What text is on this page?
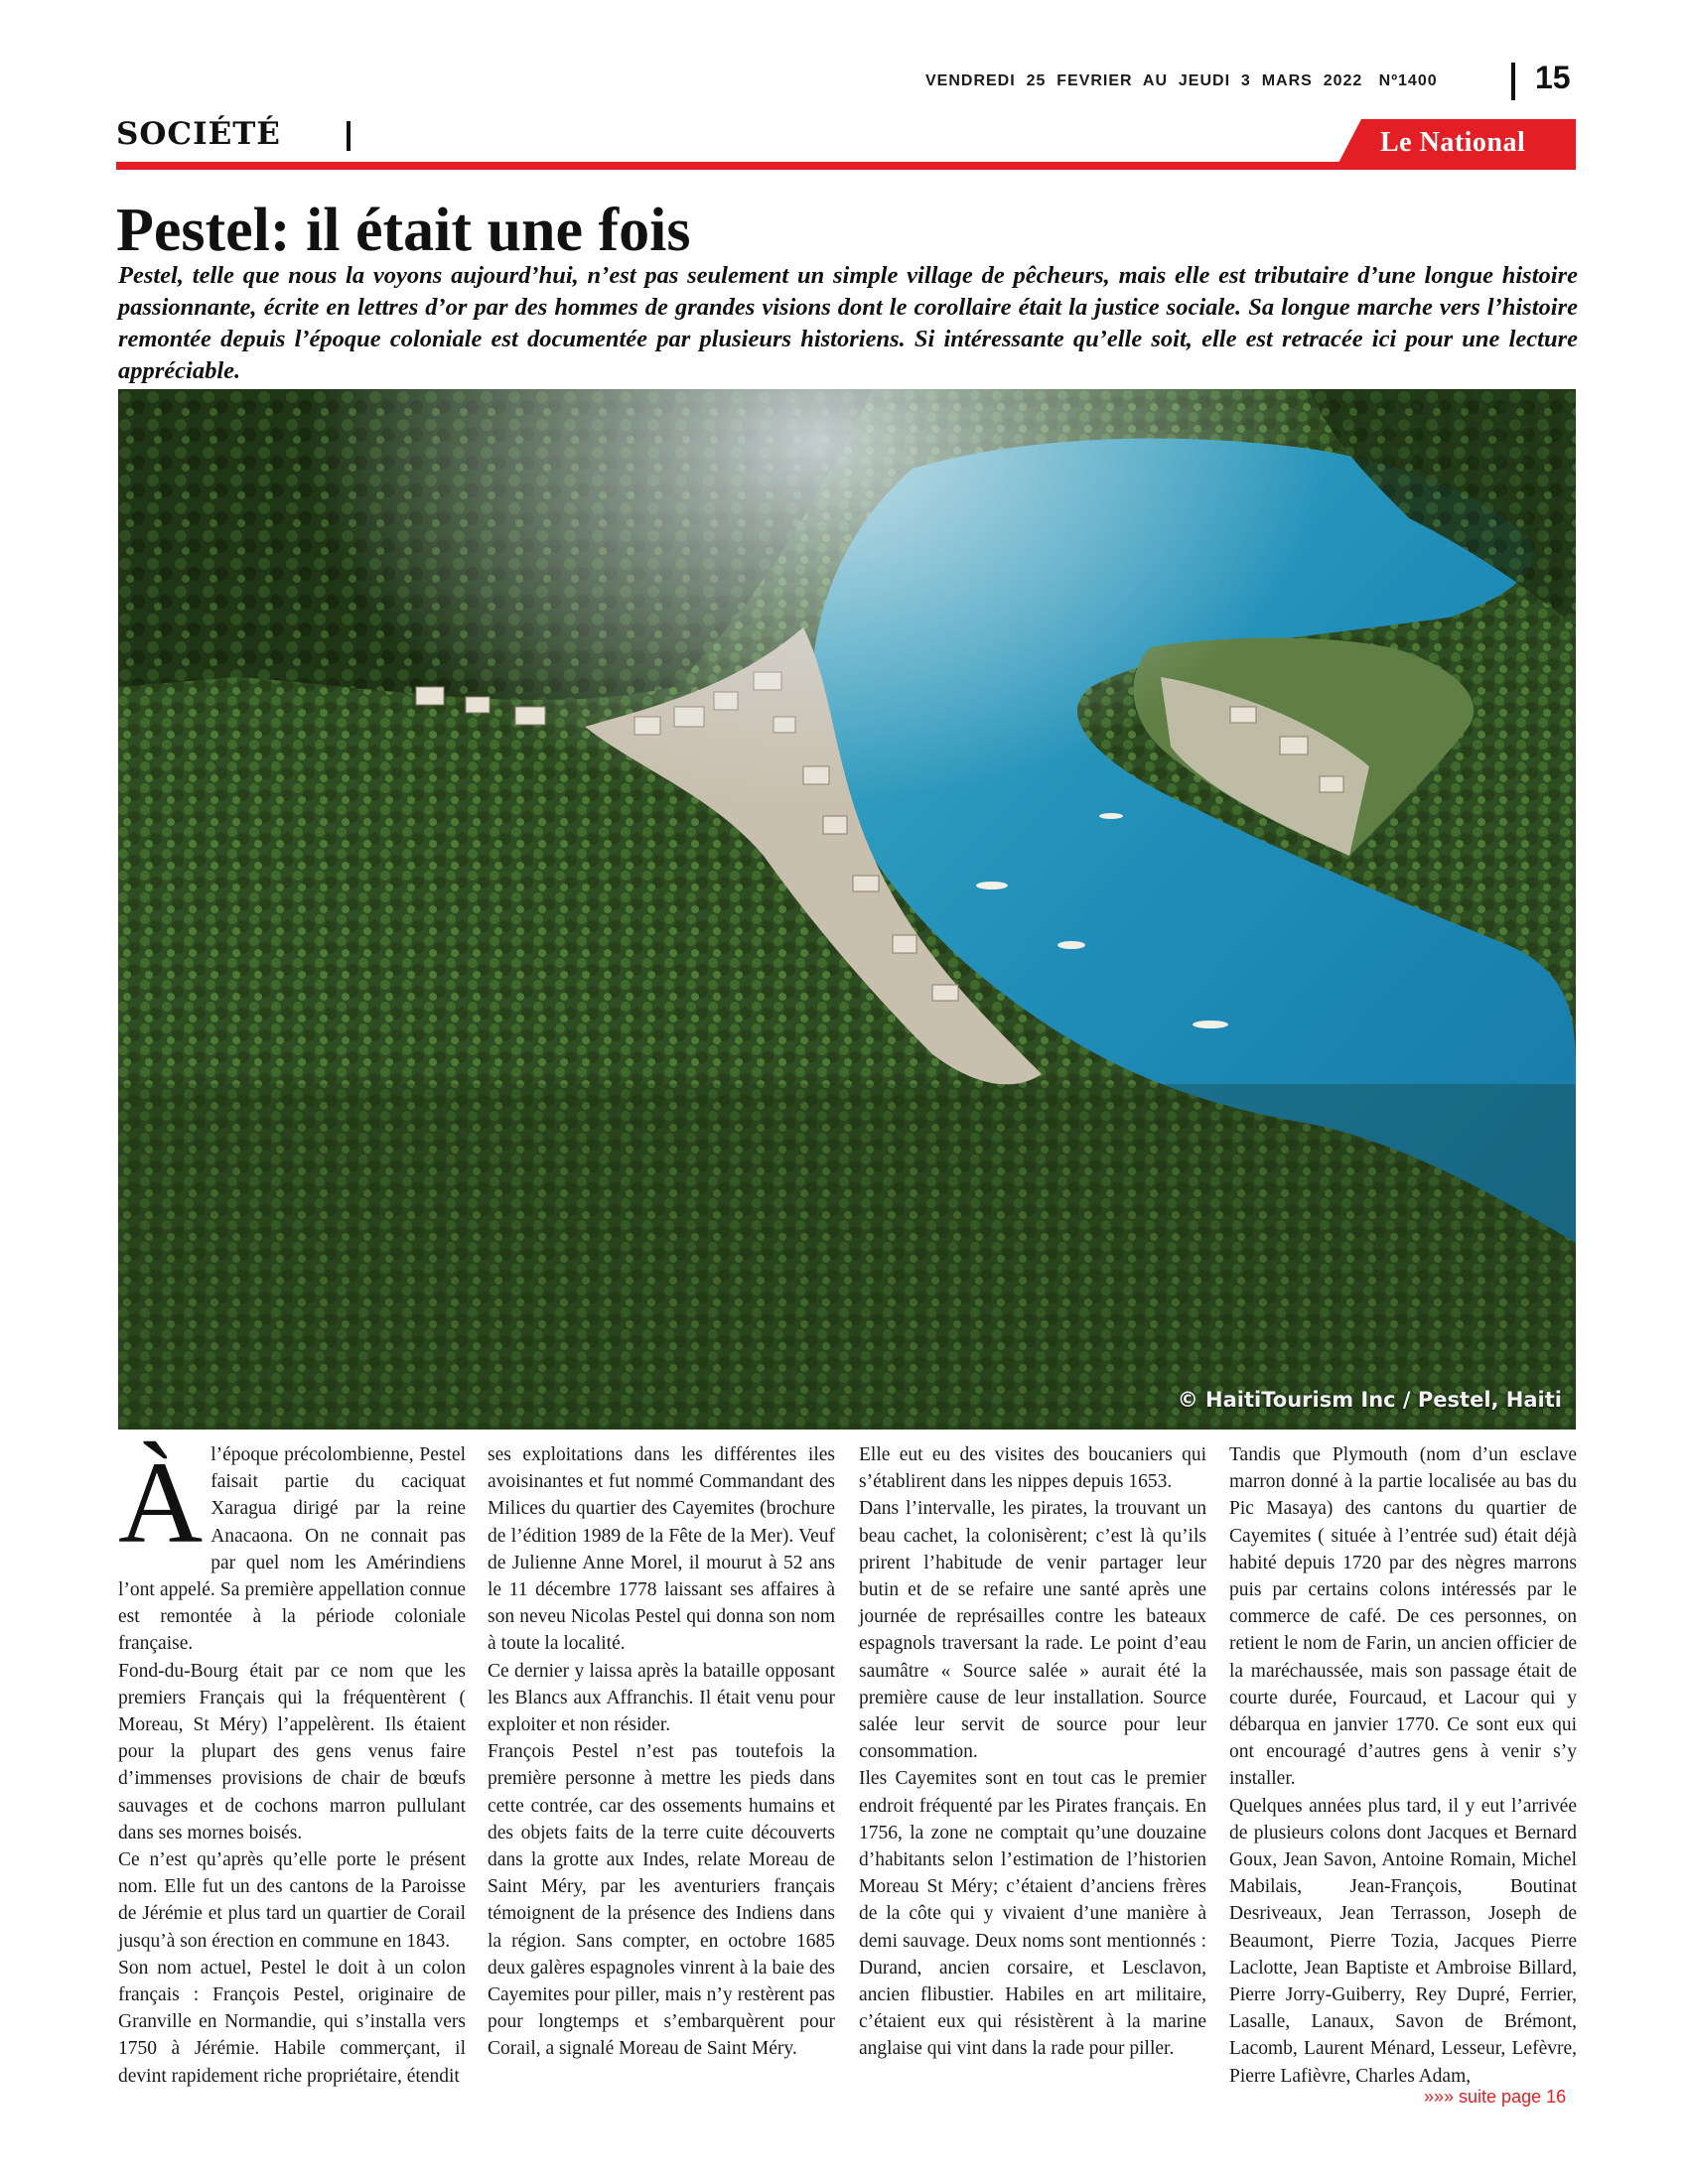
VENDREDI  25  FEVRIER  AU  JEUDI  3  MARS  2022   Nº1400	15
SOCIÉTÉ	Le National
Pestel: il était une fois

Pestel, telle que nous la voyons aujourd’hui, n’est pas seulement un simple village de pêcheurs, mais elle est tributaire d’une longue histoire passionnante, écrite en lettres d’or par des hommes de grandes visions dont le corollaire était la justice sociale. Sa longue marche vers l’histoire remontée depuis l’époque coloniale est documentée par plusieurs historiens. Si intéressante qu’elle soit, elle est retracée ici pour une lecture appréciable.

© HaitiTourism Inc / Pestel, Haiti
À l’époque précolombienne, Pestel faisait partie du caciquat Xaragua dirigé par la reine Anacaona. On ne connait pas par quel nom les Amérindiens l’ont appelé. Sa première appellation connue est remontée à la période coloniale française.

Fond-du-Bourg était par ce nom que les premiers Français qui la fréquentèrent ( Moreau, St Méry) l’appelèrent. Ils étaient pour la plupart des gens venus faire d’immenses provisions de chair de bœufs sauvages et de cochons marron pullulant dans ses mornes boisés.

Ce n’est qu’après qu’elle porte le présent nom. Elle fut un des cantons de la Paroisse de Jérémie et plus tard un quartier de Corail jusqu’à son érection en commune en 1843.

Son nom actuel, Pestel le doit à un colon français : François Pestel, originaire de Granville en Normandie, qui s’installa vers 1750 à Jérémie. Habile commerçant, il devint rapidement riche propriétaire, étendit

ses exploitations dans les différentes iles avoisinantes et fut nommé Commandant des Milices du quartier des Cayemites (brochure de l’édition 1989 de la Fête de la Mer). Veuf de Julienne Anne Morel, il mourut à 52 ans le 11 décembre 1778 laissant ses affaires à son neveu Nicolas Pestel qui donna son nom à toute la localité.

Ce dernier y laissa après la bataille opposant les Blancs aux Affranchis. Il était venu pour exploiter et non résider.

François Pestel n’est pas toutefois la première personne à mettre les pieds dans cette contrée, car des ossements humains et des objets faits de la terre cuite découverts dans la grotte aux Indes, relate Moreau de Saint Méry, par les aventuriers français témoignent de la présence des Indiens dans la région. Sans compter, en octobre 1685 deux galères espagnoles vinrent à la baie des Cayemites pour piller, mais n’y restèrent pas pour longtemps et s’embarquèrent pour Corail, a signalé Moreau de Saint Méry.

Elle eut eu des visites des boucaniers qui s’établirent dans les nippes depuis 1653.

Dans l’intervalle, les pirates, la trouvant un beau cachet, la colonisèrent; c’est là qu’ils prirent l’habitude de venir partager leur butin et de se refaire une santé après une journée de représailles contre les bateaux espagnols traversant la rade. Le point d’eau saumâtre « Source salée » aurait été la première cause de leur installation. Source salée leur servit de source pour leur consommation.

Iles Cayemites sont en tout cas le premier endroit fréquenté par les Pirates français. En 1756, la zone ne comptait qu’une douzaine d’habitants selon l’estimation de l’historien Moreau St Méry; c’étaient d’anciens frères de la côte qui y vivaient d’une manière à demi sauvage. Deux noms sont mentionnés : Durand, ancien corsaire, et Lesclavon, ancien flibustier. Habiles en art militaire, c’étaient eux qui résistèrent à la marine anglaise qui vint dans la rade pour piller.

Tandis que Plymouth (nom d’un esclave marron donné à la partie localisée au bas du Pic Masaya) des cantons du quartier de Cayemites ( située à l’entrée sud) était déjà habité depuis 1720 par des nègres marrons puis par certains colons intéressés par le commerce de café. De ces personnes, on retient le nom de Farin, un ancien officier de la maréchaussée, mais son passage était de courte durée, Fourcaud, et Lacour qui y débarqua en janvier 1770. Ce sont eux qui ont encouragé d’autres gens à venir s’y installer.

Quelques années plus tard, il y eut l’arrivée de plusieurs colons dont Jacques et Bernard Goux, Jean Savon, Antoine Romain, Michel Mabilais, Jean-François, Boutinat Desriveaux, Jean Terrasson, Joseph de Beaumont, Pierre Tozia, Jacques Pierre Laclotte, Jean Baptiste et Ambroise Billard, Pierre Jorry-Guiberry, Rey Dupré, Ferrier, Lasalle, Lanaux, Savon de Brémont, Lacomb, Laurent Ménard, Lesseur, Lefèvre, Pierre Lafièvre, Charles Adam,

»»» suite page 16
